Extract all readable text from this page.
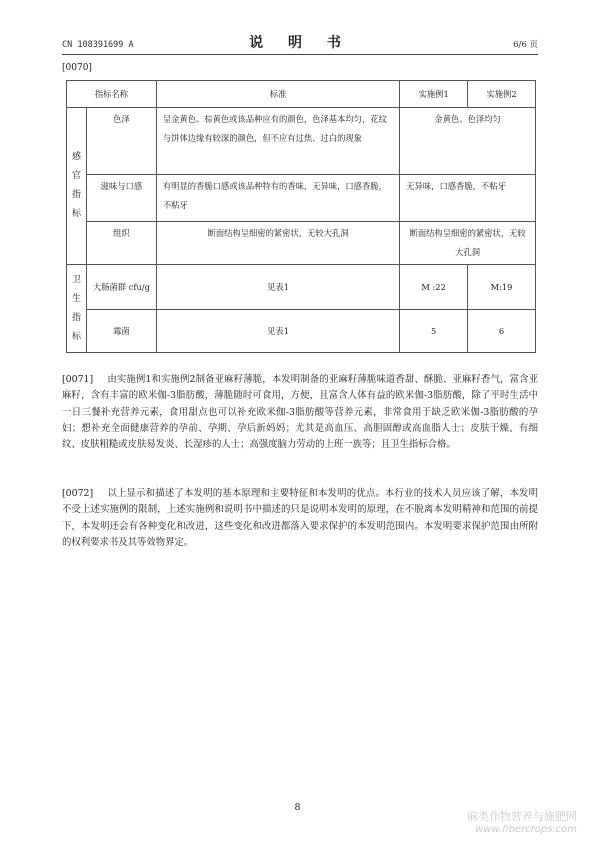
CN 108391699 A	说 明 书	6/6 页
[0070]
指标名称		标准	实施例1	实施例2

感
官
指
标	色泽	呈金黄色、棕黄色或该品种应有的颜色，色泽基本均匀，花纹与饼体边缘有较深的颜色，但不应有过焦、过白的现象	金黄色、色泽均匀	
	滋味与口感	有明显的香脆口感或该品种特有的香味，无异味，口感香脆，不粘牙	无异味，口感香脆，不粘牙	
	组织	断面结构呈细密的紧密状，无较大孔洞	断面结构呈细密的紧密状，无较大孔洞	

卫
生
指
标	大肠菌群 cfu/g	见表1	M :22	M:19
	霉菌	见表1	5	6
[0071] 由实施例1和实施例2制备亚麻籽薄脆，本发明制备的亚麻籽薄脆味道香甜、酥脆、亚麻籽香气，富含亚麻籽，含有丰富的欧米伽-3脂肪酸，薄脆随时可食用，方便，且富含人体有益的欧米伽-3脂肪酸，除了平时生活中一日三餐补充营养元素，食用甜点也可以补充欧米伽-3脂肪酸等营养元素，非常食用于缺乏欧米伽-3脂肪酸的孕妇；想补充全面健康营养的孕前、孕期、孕后新妈妈；尤其是高血压、高胆固醇或高血脂人士；皮肤干燥、有细纹、皮肤粗糙或皮肤易发炎、长湿疹的人士；高强度脑力劳动的上班一族等；且卫生指标合格。
[0072] 以上显示和描述了本发明的基本原理和主要特征和本发明的优点。本行业的技术人员应该了解，本发明不受上述实施例的限制，上述实施例和说明书中描述的只是说明本发明的原理，在不脱离本发明精神和范围的前提下，本发明还会有各种变化和改进，这些变化和改进都落入要求保护的本发明范围内。本发明要求保护范围由所附的权利要求书及其等效物界定。
8
麻类作物营养与施肥网
www.fibercrops.com
